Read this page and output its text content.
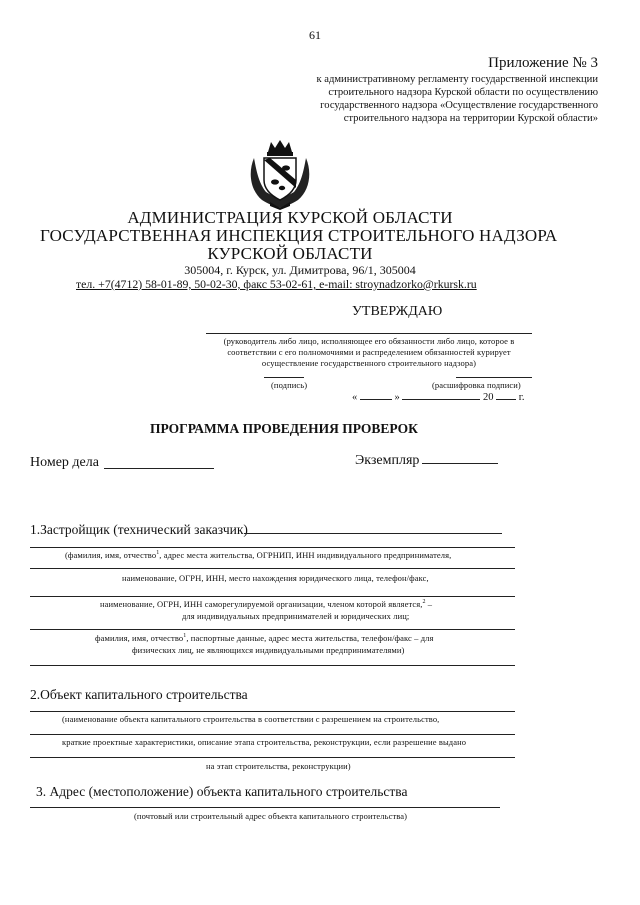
61
Приложение № 3
к административному регламенту государственной инспекции
строительного надзора Курской области по осуществлению
государственного надзора «Осуществление государственного
строительного надзора на территории Курской области»
АДМИНИСТРАЦИЯ КУРСКОЙ ОБЛАСТИ
ГОСУДАРСТВЕННАЯ ИНСПЕКЦИЯ СТРОИТЕЛЬНОГО НАДЗОРА
КУРСКОЙ ОБЛАСТИ
305004, г. Курск, ул. Димитрова, 96/1, 305004
тел. +7(4712) 58-01-89, 50-02-30, факс 53-02-61, e-mail: stroynadzorko@rkursk.ru
УТВЕРЖДАЮ
(руководитель либо лицо, исполняющее его обязанности либо лицо, которое в
соответствии с его полномочиями и распределением обязанностей курирует
осуществление государственного строительного надзора)
(подпись)	(расшифровка подписи)
«	»	20 г.
ПРОГРАММА ПРОВЕДЕНИЯ ПРОВЕРОК
Номер дела	Экземпляр
1.Застройщик (технический заказчик)
(фамилия, имя, отчество$^1$, адрес места жительства, ОГРНИП, ИНН индивидуального предпринимателя,
наименование, ОГРН, ИНН, место нахождения юридического лица, телефон/факс,
наименование, ОГРН, ИНН саморегулируемой организации, членом которой является,$^2$ –
для индивидуальных предпринимателей и юридических лиц;
фамилия, имя, отчество$^1$, паспортные данные, адрес места жительства, телефон/факс – для
физических лиц, не являющихся индивидуальными предпринимателями)
2.Объект капитального строительства
(наименование объекта капитального строительства в соответствии с разрешением на строительство,
краткие проектные характеристики, описание этапа строительства, реконструкции, если разрешение выдано
на этап строительства, реконструкции)
3. Адрес (местоположение) объекта капитального строительства
(почтовый или строительный адрес объекта капитального строительства)
